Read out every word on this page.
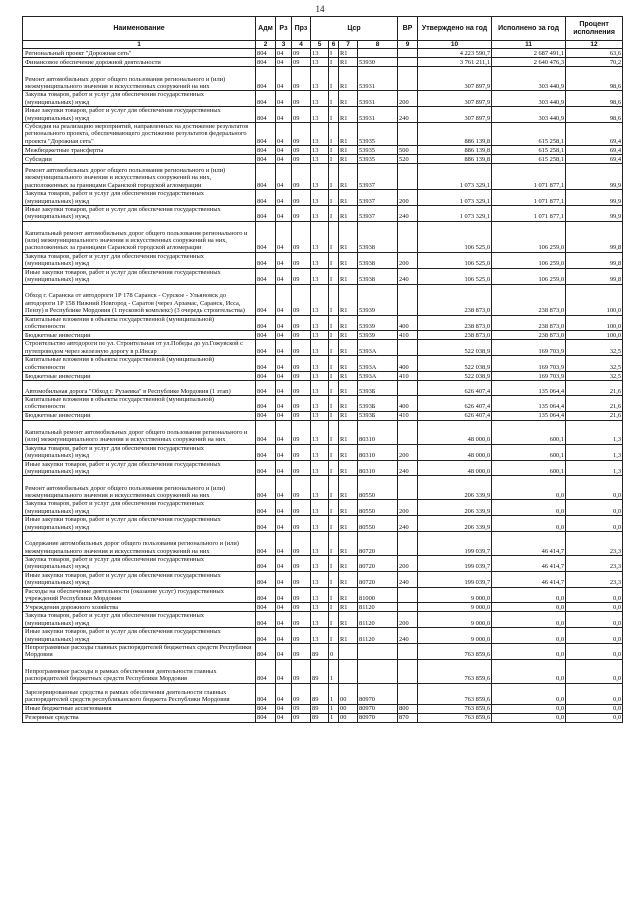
14
Наименование	Адм	Рз	Прз	Цср				ВР	Утверждено на год	Исполнено за год	Процент исполнения
1	2	3	4	5	6	7	8	9	10	11	12
Региональный проект "Дорожная сеть"	804	04	09	13	I	R1			4 223 590,7	2 687 491,1	63,6
Финансовое обеспечение дорожной деятельности	804	04	09	13	I	R1	53930		3 761 211,1	2 640 476,3	70,2
Ремонт автомобильных дорог общего пользования регионального и (или) межмуниципального значения и искусственных сооружений на них	804	04	09	13	I	R1	53931		307 897,9	303 440,9	98,6
Закупка товаров, работ и услуг для обеспечения государственных (муниципальных) нужд	804	04	09	13	I	R1	53931	200	307 897,9	303 440,9	98,6
Иные закупки товаров, работ и услуг для обеспечения государственных (муниципальных) нужд	804	04	09	13	I	R1	53931	240	307 897,9	303 440,9	98,6
Субсидия на реализацию мероприятий, направленных на достижение результатов регионального проекта, обеспечивающего достижение результатов федерального проекта "Дорожная сеть"	804	04	09	13	I	R1	53935		886 139,8	615 258,1	69,4
Межбюджетные трансферты	804	04	09	13	I	R1	53935	500	886 139,8	615 258,1	69,4
Субсидии	804	04	09	13	I	R1	53935	520	886 139,8	615 258,1	69,4
Ремонт автомобильных дорог общего пользования регионального и (или) межмуниципального значения и искусственных сооружений на них, расположенных за границами Саранской городской агломерации	804	04	09	13	I	R1	53937		1 073 329,1	1 071 877,1	99,9
Закупка товаров, работ и услуг для обеспечения государственных (муниципальных) нужд	804	04	09	13	I	R1	53937	200	1 073 329,1	1 071 877,1	99,9
Иные закупки товаров, работ и услуг для обеспечения государственных (муниципальных) нужд	804	04	09	13	I	R1	53937	240	1 073 329,1	1 071 877,1	99,9
Капитальный ремонт автомобильных дорог общего пользования регионального и (или) межмуниципального значения и искусственных сооружений на них, расположенных за границами Саранской городской агломерации	804	04	09	13	I	R1	53938		106 525,0	106 259,0	99,8
Закупка товаров, работ и услуг для обеспечения государственных (муниципальных) нужд	804	04	09	13	I	R1	53938	200	106 525,0	106 259,0	99,8
Иные закупки товаров, работ и услуг для обеспечения государственных (муниципальных) нужд	804	04	09	13	I	R1	53938	240	106 525,0	106 259,0	99,8
Обход г. Саранска от автодороги 1Р 178 Саранск - Сурское - Ульяновск до автодороги 1Р 158 Нижний Новгород - Саратов (через Арзамас, Саранск, Исса, Пензу) в Республике Мордовия (1 пусковой комплекс) (3 очередь строительства)	804	04	09	13	I	R1	53939		238 873,0	238 873,0	100,0
Капитальные вложения в объекты государственной (муниципальной) собственности	804	04	09	13	I	R1	53939	400	238 873,0	238 873,0	100,0
Бюджетные инвестиции	804	04	09	13	I	R1	53939	410	238 873,0	238 873,0	100,0
Строительство автодороги по ул. Строительная от ул.Победы до ул.Гожувской с путепроводом через железную дорогу в р.Инсар	804	04	09	13	I	R1	5393А		522 038,9	169 703,9	32,5
Капитальные вложения в объекты государственной (муниципальной) собственности	804	04	09	13	I	R1	5393А	400	522 038,9	169 703,9	32,5
Бюджетные инвестиции	804	04	09	13	I	R1	5393А	410	522 038,9	169 703,9	32,5
Автомобильная дорога "Обход г. Рузаевка" в Республике Мордовия (1 этап)	804	04	09	13	I	R1	5393Б		626 407,4	135 064,4	21,6
Капитальные вложения в объекты государственной (муниципальной) собственности	804	04	09	13	I	R1	5393Б	400	626 407,4	135 064,4	21,6
Бюджетные инвестиции	804	04	09	13	I	R1	5393Б	410	626 407,4	135 064,4	21,6
Капитальный ремонт автомобильных дорог общего пользования регионального и (или) межмуниципального значения и искусственных сооружений на них	804	04	09	13	I	R1	80310		48 000,0	600,1	1,3
Закупка товаров, работ и услуг для обеспечения государственных (муниципальных) нужд	804	04	09	13	I	R1	80310	200	48 000,0	600,1	1,3
Иные закупки товаров, работ и услуг для обеспечения государственных (муниципальных) нужд	804	04	09	13	I	R1	80310	240	48 000,0	600,1	1,3
Ремонт автомобильных дорог общего пользования регионального и (или) межмуниципального значения и искусственных сооружений на них	804	04	09	13	I	R1	80550		206 339,9	0,0	0,0
Закупка товаров, работ и услуг для обеспечения государственных (муниципальных) нужд	804	04	09	13	I	R1	80550	200	206 339,9	0,0	0,0
Иные закупки товаров, работ и услуг для обеспечения государственных (муниципальных) нужд	804	04	09	13	I	R1	80550	240	206 339,9	0,0	0,0
Содержание автомобильных дорог общего пользования регионального и (или) межмуниципального значения и искусственных сооружений на них	804	04	09	13	I	R1	80720		199 039,7	46 414,7	23,3
Закупка товаров, работ и услуг для обеспечения государственных (муниципальных) нужд	804	04	09	13	I	R1	80720	200	199 039,7	46 414,7	23,3
Иные закупки товаров, работ и услуг для обеспечения государственных (муниципальных) нужд	804	04	09	13	I	R1	80720	240	199 039,7	46 414,7	23,3
Расходы на обеспечение деятельности (оказание услуг) государственных учреждений Республики Мордовия	804	04	09	13	I	R1	81000		9 000,0	0,0	0,0
Учреждения дорожного хозяйства	804	04	09	13	I	R1	81120		9 000,0	0,0	0,0
Закупка товаров, работ и услуг для обеспечения государственных (муниципальных) нужд	804	04	09	13	I	R1	81120	200	9 000,0	0,0	0,0
Иные закупки товаров, работ и услуг для обеспечения государственных (муниципальных) нужд	804	04	09	13	I	R1	81120	240	9 000,0	0,0	0,0
Непрограммные расходы главных распорядителей бюджетных средств Республики Мордовия	804	04	09	89	0				763 859,6	0,0	0,0
Непрограммные расходы в рамках обеспечения деятельности главных распорядителей бюджетных средств Республики Мордовия	804	04	09	89	1				763 859,6	0,0	0,0
Зарезервированные средства в рамках обеспечения деятельности главных распорядителей средств республиканского бюджета Республики Мордовия	804	04	09	89	1	00	80970		763 859,6	0,0	0,0
Иные бюджетные ассигнования	804	04	09	89	1	00	80970	800	763 859,6	0,0	0,0
Резервные средства	804	04	09	89	1	00	80970	870	763 859,6	0,0	0,0
